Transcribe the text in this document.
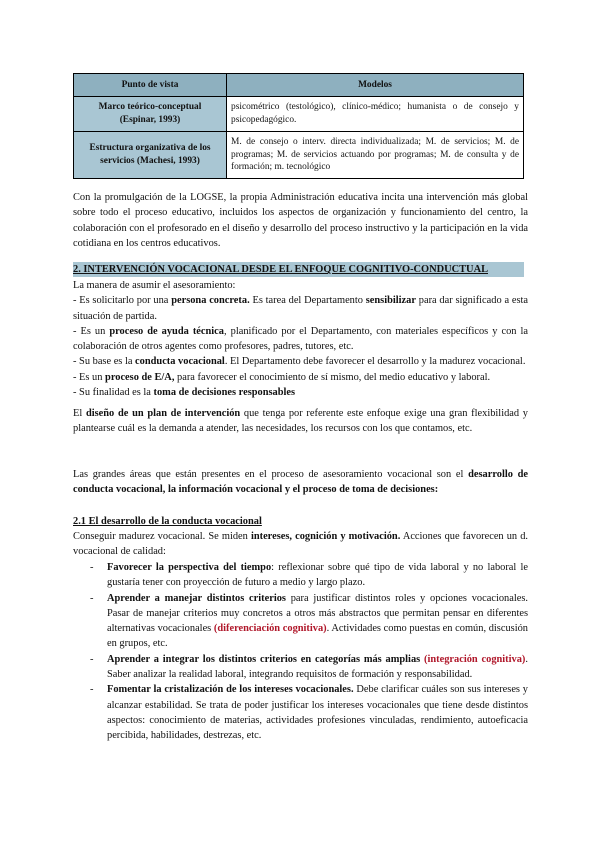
Punto de vista	Modelos
Marco teórico-conceptual (Espinar, 1993)	psicométrico (testológico), clínico-médico; humanista o de consejo y psicopedagógico.
Estructura organizativa de los servicios (Machesi, 1993)	M. de consejo o interv. directa individualizada; M. de servicios; M. de programas; M. de servicios actuando por programas; M. de consulta y de formación; m. tecnológico
Con la promulgación de la LOGSE, la propia Administración educativa incita una intervención más global sobre todo el proceso educativo, incluidos los aspectos de organización y funcionamiento del centro, la colaboración con el profesorado en el diseño y desarrollo del proceso instructivo y la participación en la vida cotidiana en los centros educativos.
2. INTERVENCIÓN VOCACIONAL DESDE EL ENFOQUE COGNITIVO-CONDUCTUAL

La manera de asumir el asesoramiento:

- Es solicitarlo por una persona concreta. Es tarea del Departamento sensibilizar para dar significado a esta situación de partida.

- Es un proceso de ayuda técnica, planificado por el Departamento, con materiales específicos y con la colaboración de otros agentes como profesores, padres, tutores, etc.

- Su base es la conducta vocacional. El Departamento debe favorecer el desarrollo y la madurez vocacional.

- Es un proceso de E/A, para favorecer el conocimiento de sí mismo, del medio educativo y laboral.

- Su finalidad es la toma de decisiones responsables

El diseño de un plan de intervención que tenga por referente este enfoque exige una gran flexibilidad y plantearse cuál es la demanda a atender, las necesidades, los recursos con los que contamos, etc.

Las grandes áreas que están presentes en el proceso de asesoramiento vocacional son el desarrollo de conducta vocacional, la información vocacional y el proceso de toma de decisiones:

2.1 El desarrollo de la conducta vocacional

Conseguir madurez vocacional. Se miden intereses, cognición y motivación. Acciones que favorecen un d. vocacional de calidad:

- Favorecer la perspectiva del tiempo: reflexionar sobre qué tipo de vida laboral y no laboral le gustaría tener con proyección de futuro a medio y largo plazo.
- Aprender a manejar distintos criterios para justificar distintos roles y opciones vocacionales. Pasar de manejar criterios muy concretos a otros más abstractos que permitan pensar en diferentes alternativas vocacionales (diferenciación cognitiva). Actividades como puestas en común, discusión en grupos, etc.
- Aprender a integrar los distintos criterios en categorías más amplias (integración cognitiva). Saber analizar la realidad laboral, integrando requisitos de formación y responsabilidad.
- Fomentar la cristalización de los intereses vocacionales. Debe clarificar cuáles son sus intereses y alcanzar estabilidad. Se trata de poder justificar los intereses vocacionales que tiene desde distintos aspectos: conocimiento de materias, actividades profesiones vinculadas, rendimiento, autoeficacia percibida, habilidades, destrezas, etc.
